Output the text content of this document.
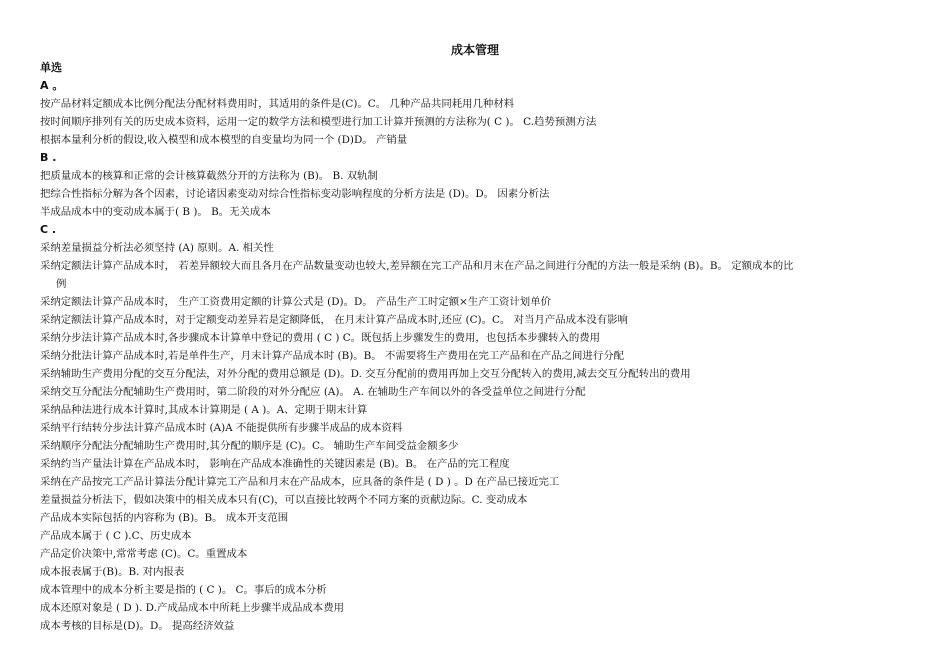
成本管理
单选
A 。
按产品材料定额成本比例分配法分配材料费用时，其适用的条件是(C)。C。 几种产品共同耗用几种材料
按时间顺序排列有关的历史成本资料，运用一定的数学方法和模型进行加工计算并预测的方法称为( C )。 C.趋势预测方法
根据本量利分析的假设,收入模型和成本模型的自变量均为同一个 (D)D。 产销量
B .
把质量成本的核算和正常的会计核算截然分开的方法称为 (B)。 B. 双轨制
把综合性指标分解为各个因素，讨论诸因素变动对综合性指标变动影响程度的分析方法是 (D)。D。 因素分析法
半成品成本中的变动成本属于( B )。 B。无关成本
C .
采纳差量损益分析法必须坚持 (A) 原则。A. 相关性
采纳定额法计算产品成本时， 若差异额较大而且各月在产品数量变动也较大,差异额在完工产品和月末在产品之间进行分配的方法一般是采纳 (B)。B。 定额成本的比
例
采纳定额法计算产品成本时， 生产工资费用定额的计算公式是 (D)。D。 产品生产工时定额×生产工资计划单价
采纳定额法计算产品成本时，对于定额变动差异若是定额降低， 在月末计算产品成本时,还应 (C)。C。 对当月产品成本没有影响
采纳分步法计算产品成本时,各步骤成本计算单中登记的费用 ( C ) C。既包括上步骤发生的费用，也包括本步骤转入的费用
采纳分批法计算产品成本时,若是单件生产，月末计算产品成本时 (B)。B。 不需要将生产费用在完工产品和在产品之间进行分配
采纳辅助生产费用分配的交互分配法，对外分配的费用总额是 (D)。D. 交互分配前的费用再加上交互分配转入的费用,减去交互分配转出的费用
采纳交互分配法分配辅助生产费用时，第二阶段的对外分配应 (A)。 A. 在辅助生产车间以外的各受益单位之间进行分配
采纳品种法进行成本计算时,其成本计算期是 ( A )。A、定期于期末计算
采纳平行结转分步法计算产品成本时 (A)A 不能提供所有步骤半成品的成本资料
采纳顺序分配法分配辅助生产费用时,其分配的顺序是 (C)。C。 辅助生产车间受益金额多少
采纳约当产量法计算在产品成本时， 影响在产品成本准确性的关键因素是 (B)。B。 在产品的完工程度
采纳在产品按完工产品计算法分配计算完工产品和月末在产品成本，应具备的条件是 ( D ) 。D 在产品已接近完工
差量损益分析法下，假如决策中的相关成本只有(C)，可以直接比较两个不同方案的贡献边际。C. 变动成本
产品成本实际包括的内容称为 (B)。B。 成本开支范围
产品成本属于 ( C ).C、历史成本
产品定价决策中,常常考虑 (C)。C。重置成本
成本报表属于(B)。B. 对内报表
成本管理中的成本分析主要是指的 ( C )。 C。事后的成本分析
成本还原对象是 ( D ). D.产成品成本中所耗上步骤半成品成本费用
成本考核的目标是(D)。D。 提高经济效益
